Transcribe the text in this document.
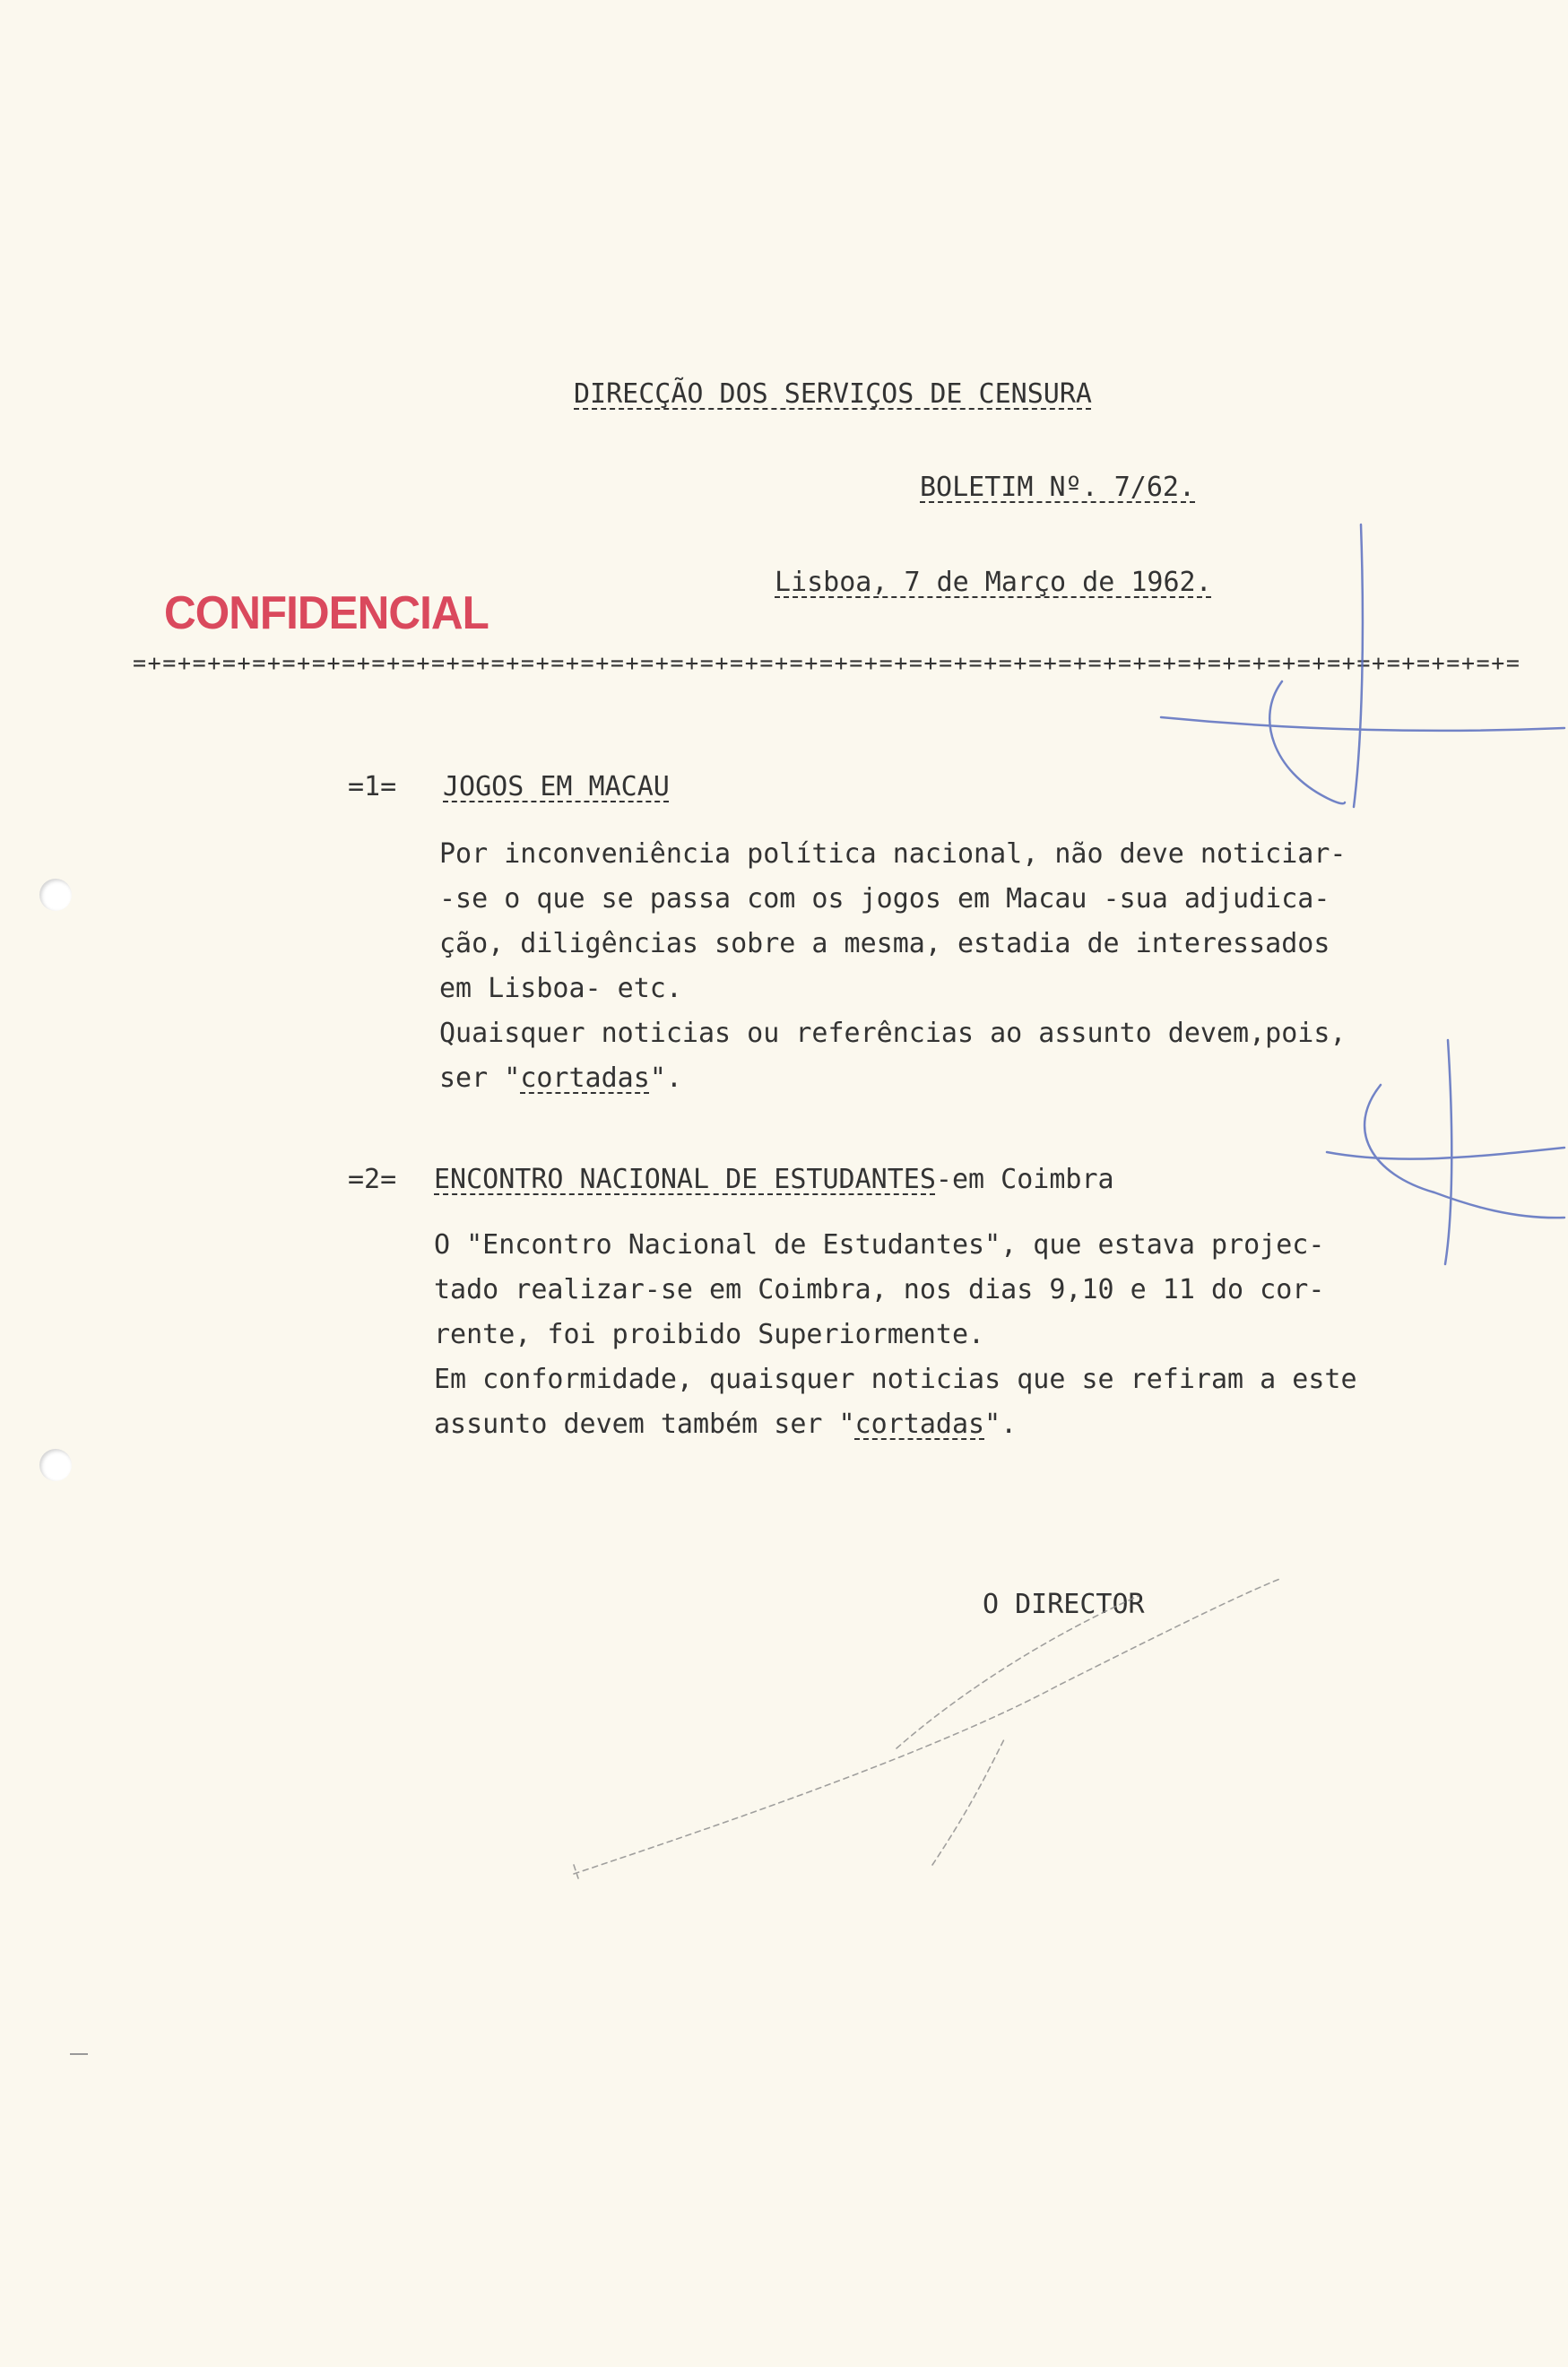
DIRECÇÃO DOS SERVIÇOS DE CENSURA
BOLETIM Nº. 7/62.
Lisboa, 7 de Março de 1962.
CONFIDENCIAL
=+=+=+=+=+=+=+=+=+=+=+=+=+=+=+=+=+=+=+=+=+=+=+=+=+=+=+=+=+=+=+=+=+=+=+=+=+=+=+=+=+=+=+=+=+=+=
=1= JOGOS EM MACAU
Por inconveniência política nacional, não deve noticiar-
-se o que se passa com os jogos em Macau -sua adjudica-
ção, diligências sobre a mesma, estadia de interessados
em Lisboa- etc.
Quaisquer noticias ou referências ao assunto devem,pois,
ser "cortadas".
=2= ENCONTRO NACIONAL DE ESTUDANTES-em Coimbra
O "Encontro Nacional de Estudantes", que estava projec-
tado realizar-se em Coimbra, nos dias 9,10 e 11 do cor-
rente, foi proibido Superiormente.
Em conformidade, quaisquer noticias que se refiram a este
assunto devem também ser "cortadas".
O DIRECTOR
